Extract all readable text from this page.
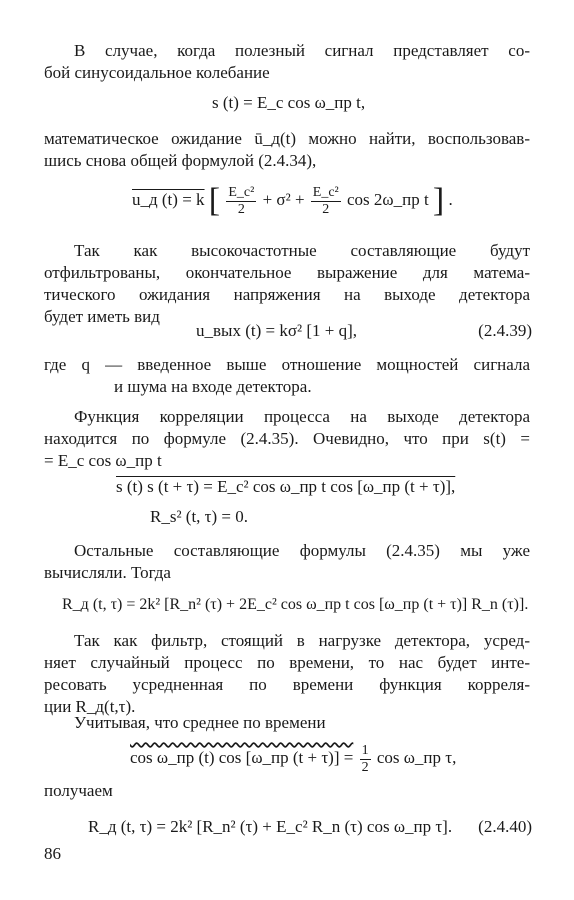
В случае, когда полезный сигнал представляет со-
бой синусоидальное колебание
s (t) = E_c cos ω_пр t,
математическое ожидание ū_д(t) можно найти, воспользовав-
шись снова общей формулой (2.4.34),
u_д (t) = k [ $\frac{\text{E\_c²}}{2} + \sigma^2 + \frac{\text{E\_c²}}{2}$ cos 2ω_пр t ] .
Так как высокочастотные составляющие будут
отфильтрованы, окончательное выражение для матема-
тического ожидания напряжения на выходе детектора
будет иметь вид
u_вых (t) = kσ² [1 + q],	(2.4.39)
где q — введенное выше отношение мощностей сигнала
и шума на входе детектора.
Функция корреляции процесса на выходе детектора
находится по формуле (2.4.35). Очевидно, что при s(t) =
= E_c cos ω_пр t
s (t) s (t + τ) = E_c² cos ω_пр t cos [ω_пр (t + τ)],
R_s² (t, τ) = 0.
Остальные составляющие формулы (2.4.35) мы уже
вычисляли. Тогда
R_д (t, τ) = 2k² [R_n² (τ) + 2E_c² cos ω_пр t cos [ω_пр (t + τ)] R_n (τ)].
Так как фильтр, стоящий в нагрузке детектора, усред-
няет случайный процесс по времени, то нас будет инте-
ресовать усредненная по времени функция корреля-
ции R_д(t,τ).
Учитывая, что среднее по времени
cos ω_пр (t) cos [ω_пр $(t + \tau)] = \frac{1}{2}$ cos ω_пр τ,
получаем
R_д (t, τ) = 2k² [R_n² (τ) + E_c² R_n (τ) cos ω_пр τ]. (2.4.40)
86
